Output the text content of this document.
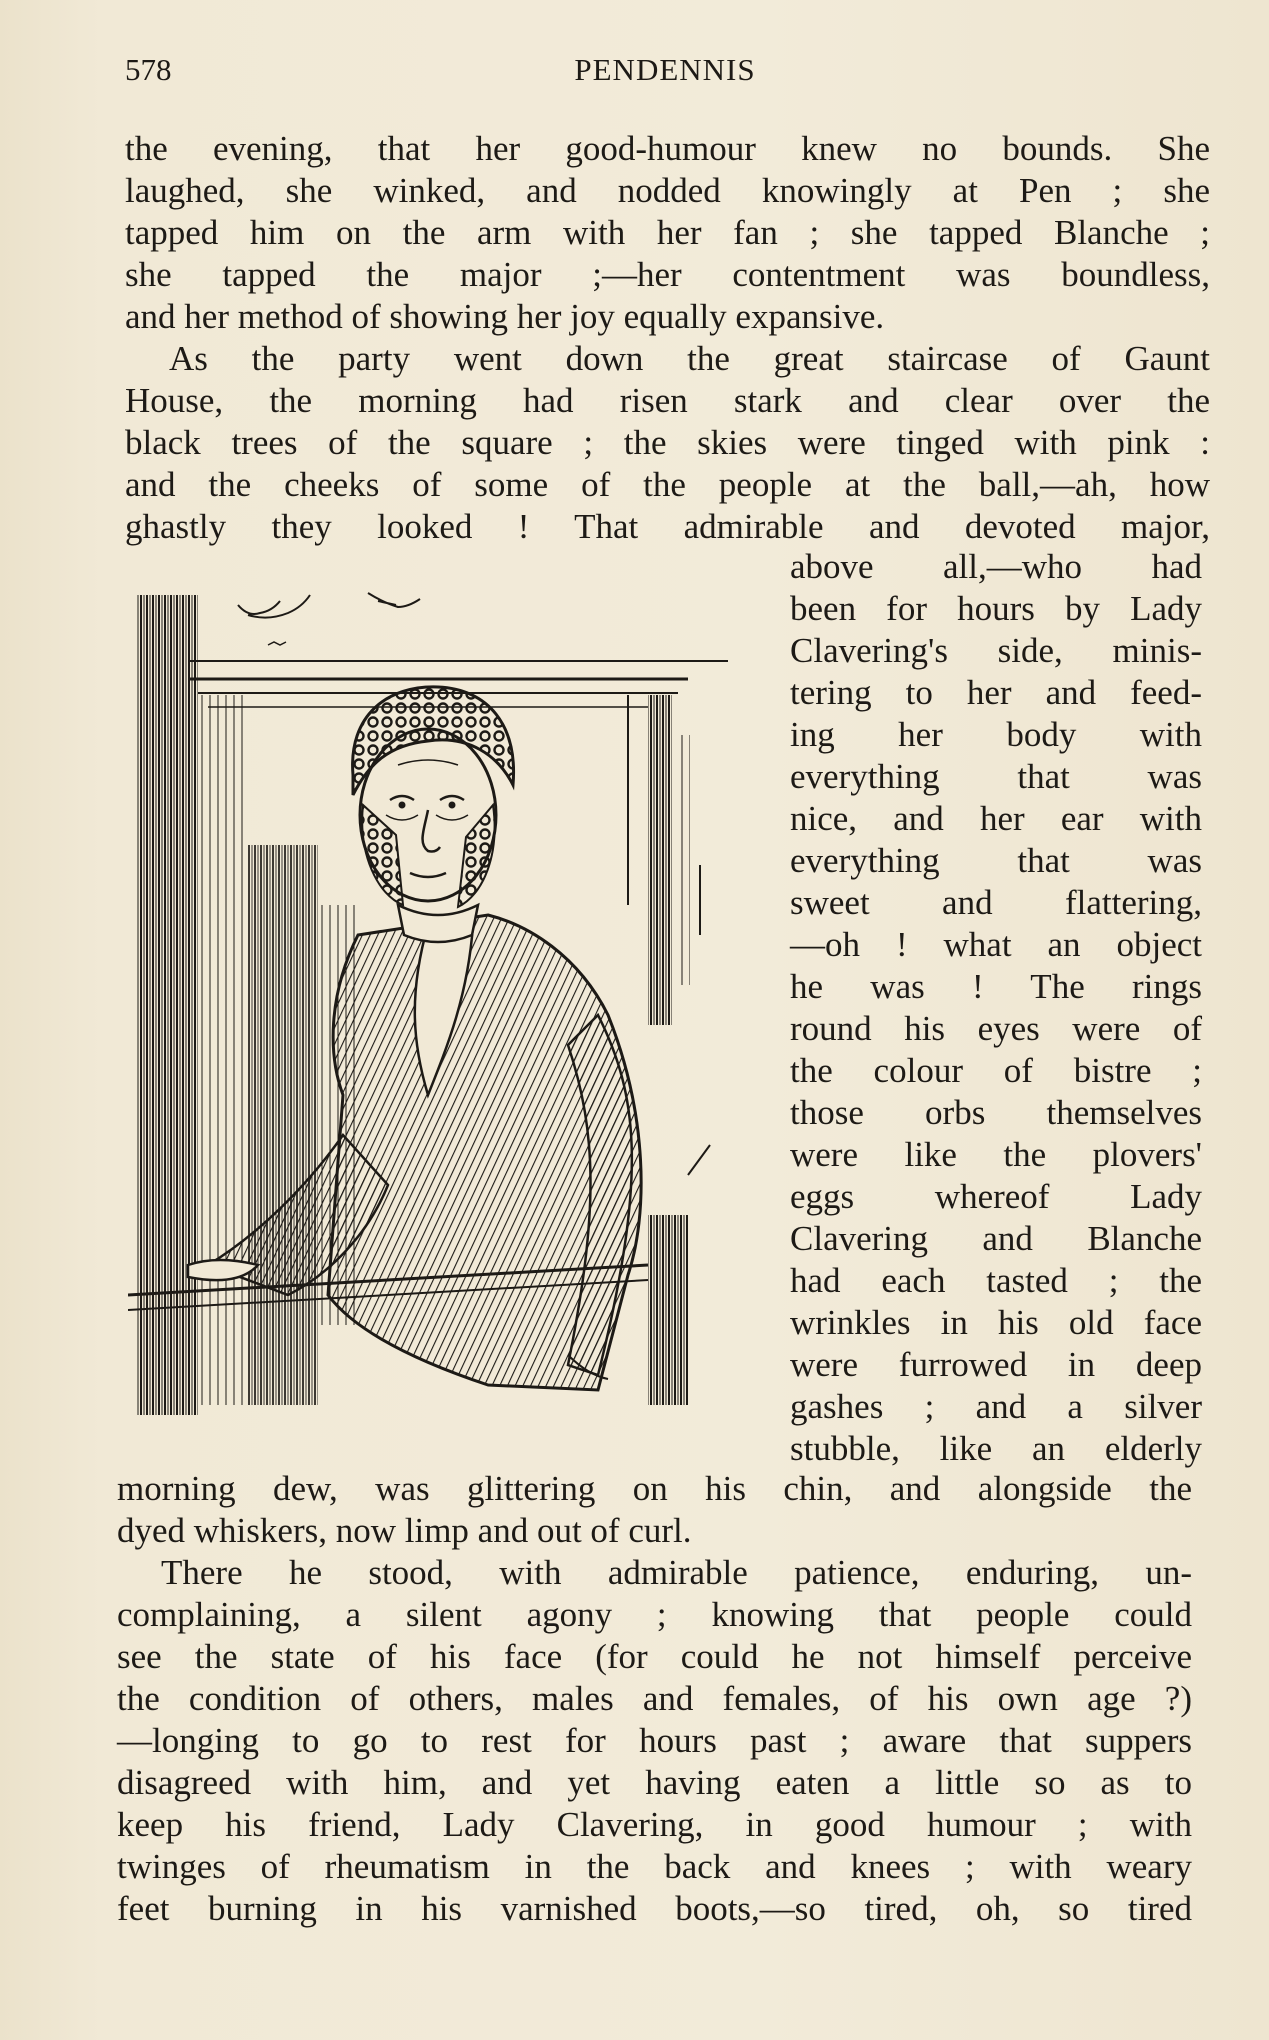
578	PENDENNIS
the evening, that her good-humour knew no bounds. She
laughed, she winked, and nodded knowingly at Pen ; she
tapped him on the arm with her fan ; she tapped Blanche ;
she tapped the major ;—her contentment was boundless,
and her method of showing her joy equally expansive.
As the party went down the great staircase of Gaunt
House, the morning had risen stark and clear over the
black trees of the square ; the skies were tinged with pink :
and the cheeks of some of the people at the ball,—ah, how
ghastly they looked ! That admirable and devoted major,
above all,—who had
been for hours by Lady
Clavering's side, minis-
tering to her and feed-
ing her body with
everything that was
nice, and her ear with
everything that was
sweet and flattering,
—oh ! what an object
he was ! The rings
round his eyes were of
the colour of bistre ;
those orbs themselves
were like the plovers'
eggs whereof Lady
Clavering and Blanche
had each tasted ; the
wrinkles in his old face
were furrowed in deep
gashes ; and a silver
stubble, like an elderly
morning dew, was glittering on his chin, and alongside the
dyed whiskers, now limp and out of curl.
There he stood, with admirable patience, enduring, un-
complaining, a silent agony ; knowing that people could
see the state of his face (for could he not himself perceive
the condition of others, males and females, of his own age ?)
—longing to go to rest for hours past ; aware that suppers
disagreed with him, and yet having eaten a little so as to
keep his friend, Lady Clavering, in good humour ; with
twinges of rheumatism in the back and knees ; with weary
feet burning in his varnished boots,—so tired, oh, so tired
